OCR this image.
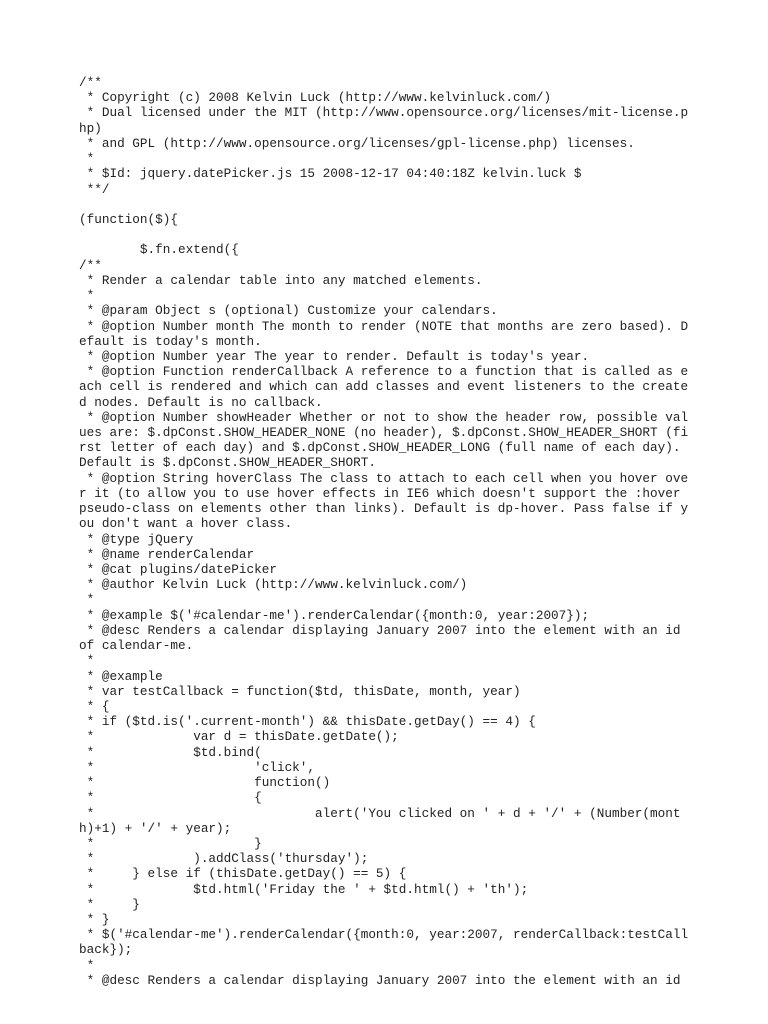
/**
* Copyright (c) 2008 Kelvin Luck (http://www.kelvinluck.com/)
* Dual licensed under the MIT (http://www.opensource.org/licenses/mit-license.p
hp)
* and GPL (http://www.opensource.org/licenses/gpl-license.php) licenses.
*
* $Id: jquery.datePicker.js 15 2008-12-17 04:40:18Z kelvin.luck $
**/
(function($){
$.fn.extend({
/**
* Render a calendar table into any matched elements.
*
* @param Object s (optional) Customize your calendars.
* @option Number month The month to render (NOTE that months are zero based). D
efault is today's month.
* @option Number year The year to render. Default is today's year.
* @option Function renderCallback A reference to a function that is called as e
ach cell is rendered and which can add classes and event listeners to the create
d nodes. Default is no callback.
* @option Number showHeader Whether or not to show the header row, possible val
ues are: $.dpConst.SHOW_HEADER_NONE (no header), $.dpConst.SHOW_HEADER_SHORT (fi
rst letter of each day) and $.dpConst.SHOW_HEADER_LONG (full name of each day).
Default is $.dpConst.SHOW_HEADER_SHORT.
* @option String hoverClass The class to attach to each cell when you hover ove
r it (to allow you to use hover effects in IE6 which doesn't support the :hover
pseudo-class on elements other than links). Default is dp-hover. Pass false if y
ou don't want a hover class.
* @type jQuery
* @name renderCalendar
* @cat plugins/datePicker
* @author Kelvin Luck (http://www.kelvinluck.com/)
*
* @example $('#calendar-me').renderCalendar({month:0, year:2007});
* @desc Renders a calendar displaying January 2007 into the element with an id
of calendar-me.
*
* @example
* var testCallback = function($td, thisDate, month, year)
* {
* if ($td.is('.current-month') && thisDate.getDay() == 4) {
*             var d = thisDate.getDate();
*             $td.bind(
*                     'click',
*                     function()
*                     {
*                             alert('You clicked on ' + d + '/' + (Number(mont
h)+1) + '/' + year);
*                     }
*             ).addClass('thursday');
*     } else if (thisDate.getDay() == 5) {
*             $td.html('Friday the ' + $td.html() + 'th');
*     }
* }
* $('#calendar-me').renderCalendar({month:0, year:2007, renderCallback:testCall
back});
*
* @desc Renders a calendar displaying January 2007 into the element with an id
